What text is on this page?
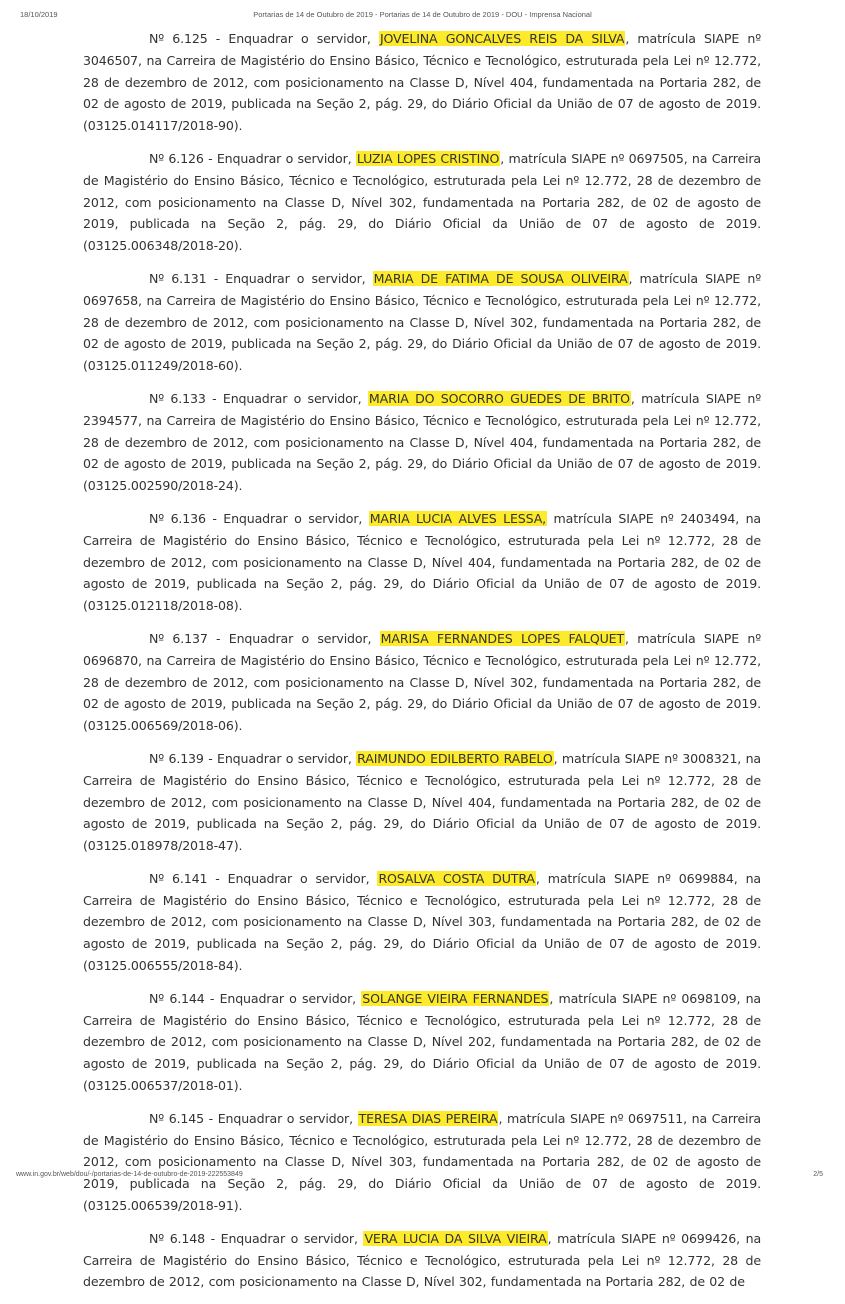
18/10/2019	Portarias de 14 de Outubro de 2019 - Portarias de 14 de Outubro de 2019 - DOU - Imprensa Nacional

Nº 6.125 - Enquadrar o servidor, JOVELINA GONCALVES REIS DA SILVA, matrícula SIAPE nº 3046507, na Carreira de Magistério do Ensino Básico, Técnico e Tecnológico, estruturada pela Lei nº 12.772, 28 de dezembro de 2012, com posicionamento na Classe D, Nível 404, fundamentada na Portaria 282, de 02 de agosto de 2019, publicada na Seção 2, pág. 29, do Diário Oficial da União de 07 de agosto de 2019. (03125.014117/2018-90).

Nº 6.126 - Enquadrar o servidor, LUZIA LOPES CRISTINO, matrícula SIAPE nº 0697505, na Carreira de Magistério do Ensino Básico, Técnico e Tecnológico, estruturada pela Lei nº 12.772, 28 de dezembro de 2012, com posicionamento na Classe D, Nível 302, fundamentada na Portaria 282, de 02 de agosto de 2019, publicada na Seção 2, pág. 29, do Diário Oficial da União de 07 de agosto de 2019. (03125.006348/2018-20).

Nº 6.131 - Enquadrar o servidor, MARIA DE FATIMA DE SOUSA OLIVEIRA, matrícula SIAPE nº 0697658, na Carreira de Magistério do Ensino Básico, Técnico e Tecnológico, estruturada pela Lei nº 12.772, 28 de dezembro de 2012, com posicionamento na Classe D, Nível 302, fundamentada na Portaria 282, de 02 de agosto de 2019, publicada na Seção 2, pág. 29, do Diário Oficial da União de 07 de agosto de 2019. (03125.011249/2018-60).

Nº 6.133 - Enquadrar o servidor, MARIA DO SOCORRO GUEDES DE BRITO, matrícula SIAPE nº 2394577, na Carreira de Magistério do Ensino Básico, Técnico e Tecnológico, estruturada pela Lei nº 12.772, 28 de dezembro de 2012, com posicionamento na Classe D, Nível 404, fundamentada na Portaria 282, de 02 de agosto de 2019, publicada na Seção 2, pág. 29, do Diário Oficial da União de 07 de agosto de 2019. (03125.002590/2018-24).

Nº 6.136 - Enquadrar o servidor, MARIA LUCIA ALVES LESSA, matrícula SIAPE nº 2403494, na Carreira de Magistério do Ensino Básico, Técnico e Tecnológico, estruturada pela Lei nº 12.772, 28 de dezembro de 2012, com posicionamento na Classe D, Nível 404, fundamentada na Portaria 282, de 02 de agosto de 2019, publicada na Seção 2, pág. 29, do Diário Oficial da União de 07 de agosto de 2019. (03125.012118/2018-08).

Nº 6.137 - Enquadrar o servidor, MARISA FERNANDES LOPES FALQUET, matrícula SIAPE nº 0696870, na Carreira de Magistério do Ensino Básico, Técnico e Tecnológico, estruturada pela Lei nº 12.772, 28 de dezembro de 2012, com posicionamento na Classe D, Nível 302, fundamentada na Portaria 282, de 02 de agosto de 2019, publicada na Seção 2, pág. 29, do Diário Oficial da União de 07 de agosto de 2019. (03125.006569/2018-06).

Nº 6.139 - Enquadrar o servidor, RAIMUNDO EDILBERTO RABELO, matrícula SIAPE nº 3008321, na Carreira de Magistério do Ensino Básico, Técnico e Tecnológico, estruturada pela Lei nº 12.772, 28 de dezembro de 2012, com posicionamento na Classe D, Nível 404, fundamentada na Portaria 282, de 02 de agosto de 2019, publicada na Seção 2, pág. 29, do Diário Oficial da União de 07 de agosto de 2019. (03125.018978/2018-47).

Nº 6.141 - Enquadrar o servidor, ROSALVA COSTA DUTRA, matrícula SIAPE nº 0699884, na Carreira de Magistério do Ensino Básico, Técnico e Tecnológico, estruturada pela Lei nº 12.772, 28 de dezembro de 2012, com posicionamento na Classe D, Nível 303, fundamentada na Portaria 282, de 02 de agosto de 2019, publicada na Seção 2, pág. 29, do Diário Oficial da União de 07 de agosto de 2019. (03125.006555/2018-84).

Nº 6.144 - Enquadrar o servidor, SOLANGE VIEIRA FERNANDES, matrícula SIAPE nº 0698109, na Carreira de Magistério do Ensino Básico, Técnico e Tecnológico, estruturada pela Lei nº 12.772, 28 de dezembro de 2012, com posicionamento na Classe D, Nível 202, fundamentada na Portaria 282, de 02 de agosto de 2019, publicada na Seção 2, pág. 29, do Diário Oficial da União de 07 de agosto de 2019. (03125.006537/2018-01).

Nº 6.145 - Enquadrar o servidor, TERESA DIAS PEREIRA, matrícula SIAPE nº 0697511, na Carreira de Magistério do Ensino Básico, Técnico e Tecnológico, estruturada pela Lei nº 12.772, 28 de dezembro de 2012, com posicionamento na Classe D, Nível 303, fundamentada na Portaria 282, de 02 de agosto de 2019, publicada na Seção 2, pág. 29, do Diário Oficial da União de 07 de agosto de 2019. (03125.006539/2018-91).

Nº 6.148 - Enquadrar o servidor, VERA LUCIA DA SILVA VIEIRA, matrícula SIAPE nº 0699426, na Carreira de Magistério do Ensino Básico, Técnico e Tecnológico, estruturada pela Lei nº 12.772, 28 de dezembro de 2012, com posicionamento na Classe D, Nível 302, fundamentada na Portaria 282, de 02 de

www.in.gov.br/web/dou/-/portarias-de-14-de-outubro-de-2019-222553849	2/5
